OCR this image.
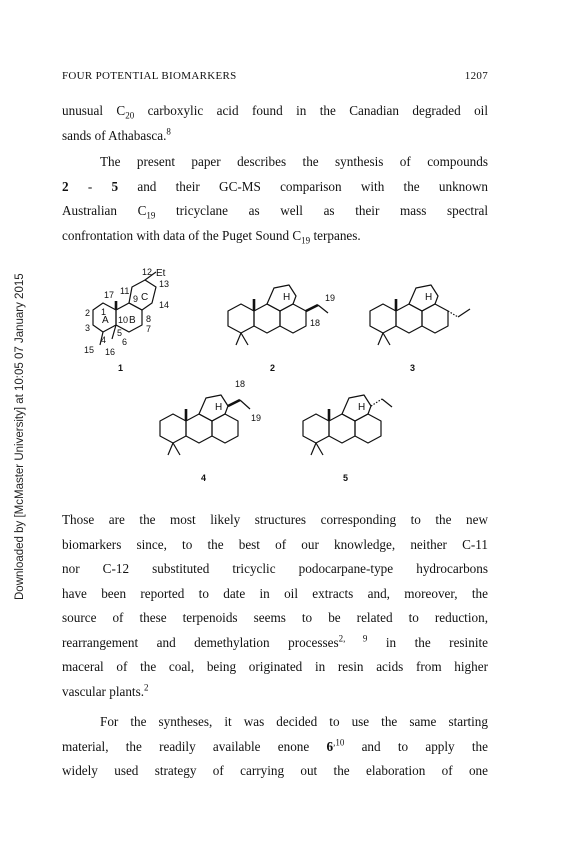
FOUR POTENTIAL BIOMARKERS	1207
Downloaded by [McMaster University] at 10:05 07 January 2015
unusual $C_{20}$ carboxylic acid found in the Canadian degraded oil
sands of Athabasca.$^8$
The present paper describes the synthesis of compounds
2 - 5 and their GC-MS comparison with the unknown
Australian $C_{19}$ tricyclane as well as their mass spectral
confrontation with data of the Puget Sound $C_{19}$ terpanes.
A B
C
12
11
17
Et
13
9
14
1
10 8
2
7
3	5
4 6
15 16
H	H
H	H
19
18
18
19
1	2	3
4	5
Those are the most likely structures corresponding to the new
biomarkers since, to the best of our knowledge, neither C-11
nor C-12 substituted tricyclic podocarpane-type hydrocarbons
have been reported to date in oil extracts and, moreover, the
source of these terpenoids seems to be related to reduction,
rearrangement and demethylation processes$^{2, 9}$ in the resinite
maceral of the coal, being originated in resin acids from higher
vascular plants.$^2$
For the syntheses, it was decided to use the same starting
material, the readily available enone $6^{,10}$ and to apply the
widely used strategy of carrying out the elaboration of one
